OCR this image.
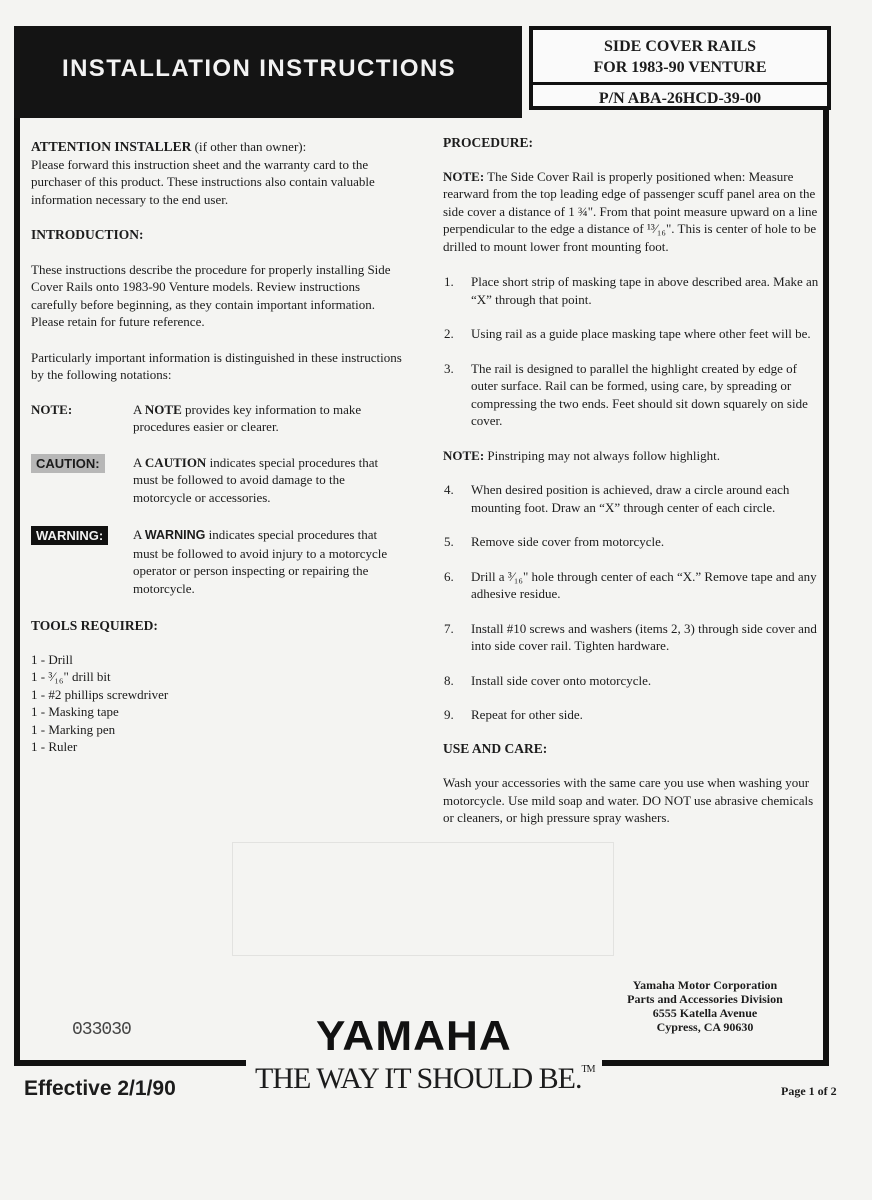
INSTALLATION INSTRUCTIONS
SIDE COVER RAILS
FOR 1983-90 VENTURE
P/N ABA-26HCD-39-00

ATTENTION INSTALLER (if other than owner):
Please forward this instruction sheet and the warranty card to the purchaser of this product. These instructions also contain valuable information necessary to the end user.

INTRODUCTION:

These instructions describe the procedure for properly installing Side Cover Rails onto 1983-90 Venture models. Review instructions carefully before beginning, as they contain important information. Please retain for future reference.

Particularly important information is distinguished in these instructions by the following notations:

NOTE:	A NOTE provides key information to make procedures easier or clearer.
CAUTION:	A CAUTION indicates special procedures that must be followed to avoid damage to the motorcycle or accessories.
WARNING:	A WARNING indicates special procedures that must be followed to avoid injury to a motorcycle operator or person inspecting or repairing the motorcycle.

TOOLS REQUIRED:

1 - Drill
1 - ³⁄₁₆" drill bit
1 - #2 phillips screwdriver
1 - Masking tape
1 - Marking pen
1 - Ruler

PROCEDURE:

NOTE: The Side Cover Rail is properly positioned when: Measure rearward from the top leading edge of passenger scuff panel area on the side cover a distance of 1 ¾". From that point measure upward on a line perpendicular to the edge a distance of ¹³⁄₁₆". This is center of hole to be drilled to mount lower front mounting foot.

1.	Place short strip of masking tape in above described area. Make an “X” through that point.
2.	Using rail as a guide place masking tape where other feet will be.
3.	The rail is designed to parallel the highlight created by edge of outer surface. Rail can be formed, using care, by spreading or compressing the two ends. Feet should sit down squarely on side cover.

NOTE: Pinstriping may not always follow highlight.

4.	When desired position is achieved, draw a circle around each mounting foot. Draw an “X” through center of each circle.
5.	Remove side cover from motorcycle.
6.	Drill a ³⁄₁₆" hole through center of each “X.” Remove tape and any adhesive residue.
7.	Install #10 screws and washers (items 2, 3) through side cover and into side cover rail. Tighten hardware.
8.	Install side cover onto motorcycle.
9.	Repeat for other side.

USE AND CARE:

Wash your accessories with the same care you use when washing your motorcycle. Use mild soap and water. DO NOT use abrasive chemicals or cleaners, or high pressure spray washers.

Yamaha Motor Corporation
Parts and Accessories Division
6555 Katella Avenue
Cypress, CA 90630
033030	YAMAHA
THE WAY IT SHOULD BE.™
Effective 2/1/90	Page 1 of 2
